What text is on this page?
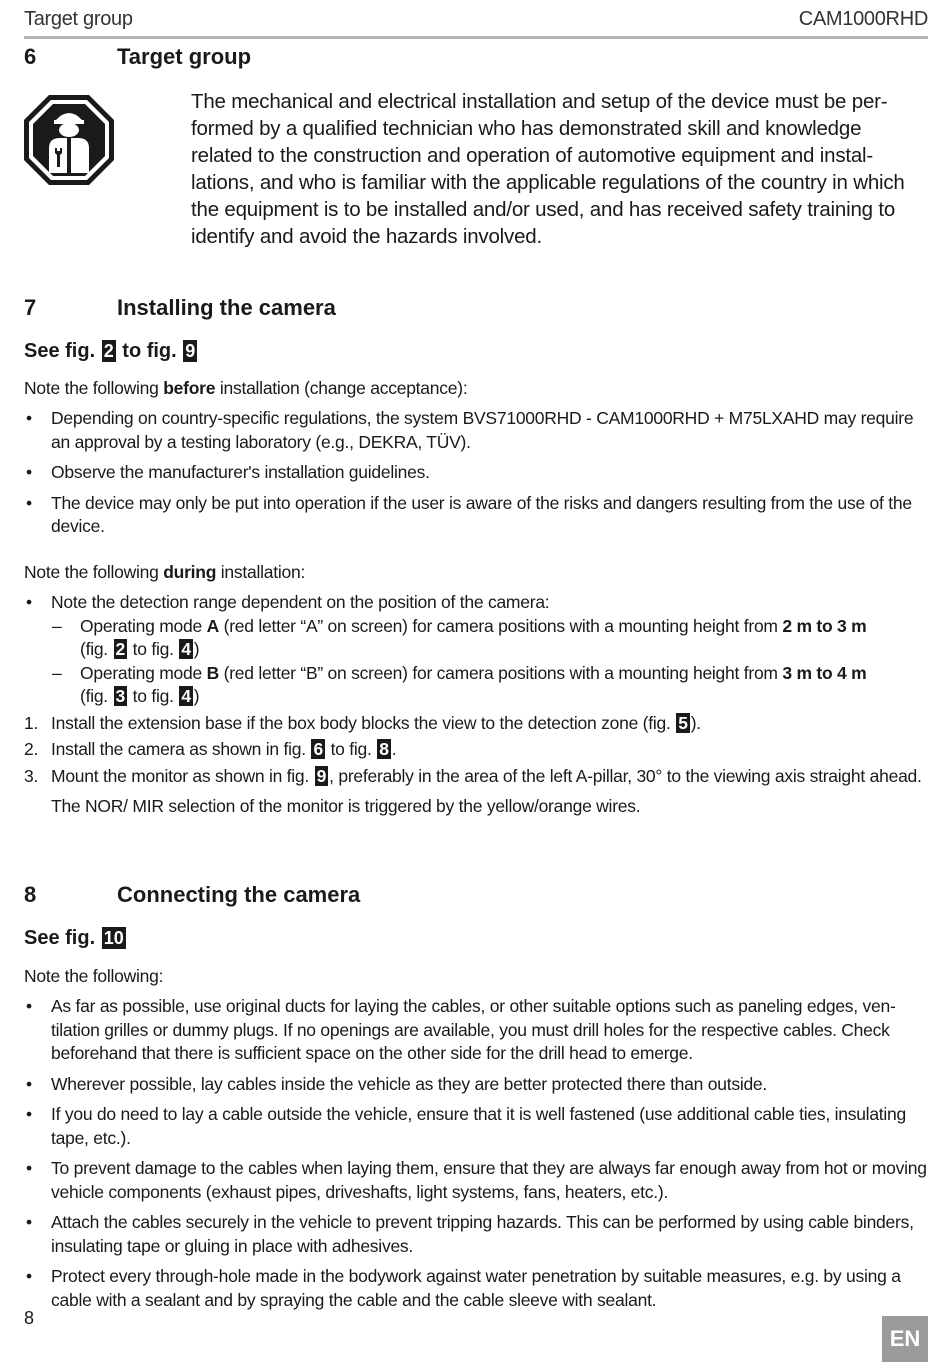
Target group	CAM1000RHD
6	Target group
The mechanical and electrical installation and setup of the device must be performed by a qualified technician who has demonstrated skill and knowledge related to the construction and operation of automotive equipment and installations, and who is familiar with the applicable regulations of the country in which the equipment is to be installed and/or used, and has received safety training to identify and avoid the hazards involved.
7	Installing the camera
See fig. 2 to fig. 9
Note the following before installation (change acceptance):
• Depending on country-specific regulations, the system BVS71000RHD - CAM1000RHD + M75LXAHD may require an approval by a testing laboratory (e.g., DEKRA, TÜV).
• Observe the manufacturer's installation guidelines.
• The device may only be put into operation if the user is aware of the risks and dangers resulting from the use of the device.
Note the following during installation:
• Note the detection range dependent on the position of the camera:
– Operating mode A (red letter “A” on screen) for camera positions with a mounting height from 2 m to 3 m
(fig. 2 to fig. 4 )
– Operating mode B (red letter “B” on screen) for camera positions with a mounting height from 3 m to 4 m
(fig. 3 to fig. 4 )
1. Install the extension base if the box body blocks the view to the detection zone (fig. 5 ).
2. Install the camera as shown in fig. 6 to fig. 8 .
3. Mount the monitor as shown in fig. 9 , preferably in the area of the left A-pillar, 30° to the viewing axis straight ahead.
The NOR/ MIR selection of the monitor is triggered by the yellow/orange wires.
8	Connecting the camera
See fig. 10
Note the following:
• As far as possible, use original ducts for laying the cables, or other suitable options such as paneling edges, ventilation grilles or dummy plugs. If no openings are available, you must drill holes for the respective cables. Check beforehand that there is sufficient space on the other side for the drill head to emerge.
• Wherever possible, lay cables inside the vehicle as they are better protected there than outside.
• If you do need to lay a cable outside the vehicle, ensure that it is well fastened (use additional cable ties, insulating tape, etc.).
• To prevent damage to the cables when laying them, ensure that they are always far enough away from hot or moving vehicle components (exhaust pipes, driveshafts, light systems, fans, heaters, etc.).
• Attach the cables securely in the vehicle to prevent tripping hazards. This can be performed by using cable binders, insulating tape or gluing in place with adhesives.
• Protect every through-hole made in the bodywork against water penetration by suitable measures, e.g. by using a cable with a sealant and by spraying the cable and the cable sleeve with sealant.
8
EN
